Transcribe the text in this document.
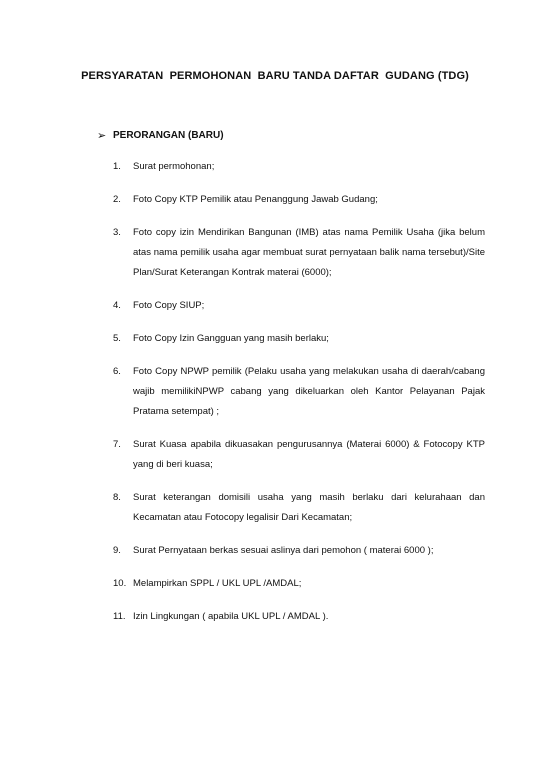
PERSYARATAN  PERMOHONAN  BARU TANDA DAFTAR  GUDANG (TDG)
➢ PERORANGAN (BARU)
1.	Surat permohonan;
2.	Foto Copy KTP Pemilik atau Penanggung Jawab Gudang;
3.	Foto copy izin Mendirikan Bangunan (IMB) atas nama Pemilik Usaha (jika belum atas nama pemilik usaha agar membuat surat pernyataan balik nama tersebut)/Site Plan/Surat Keterangan Kontrak materai (6000);
4.	Foto Copy SIUP;
5.	Foto Copy Izin Gangguan yang masih berlaku;
6.	Foto Copy NPWP pemilik (Pelaku usaha yang melakukan usaha di daerah/cabang wajib memilikiNPWP cabang yang dikeluarkan oleh Kantor Pelayanan Pajak Pratama setempat) ;
7.	Surat Kuasa apabila dikuasakan pengurusannya (Materai 6000) & Fotocopy KTP yang di beri kuasa;
8.	Surat keterangan domisili usaha yang masih berlaku dari kelurahaan dan Kecamatan atau Fotocopy legalisir Dari Kecamatan;
9.	Surat Pernyataan berkas sesuai aslinya dari pemohon ( materai 6000 );
10. Melampirkan SPPL / UKL UPL /AMDAL;
11. Izin Lingkungan ( apabila UKL UPL / AMDAL ).
